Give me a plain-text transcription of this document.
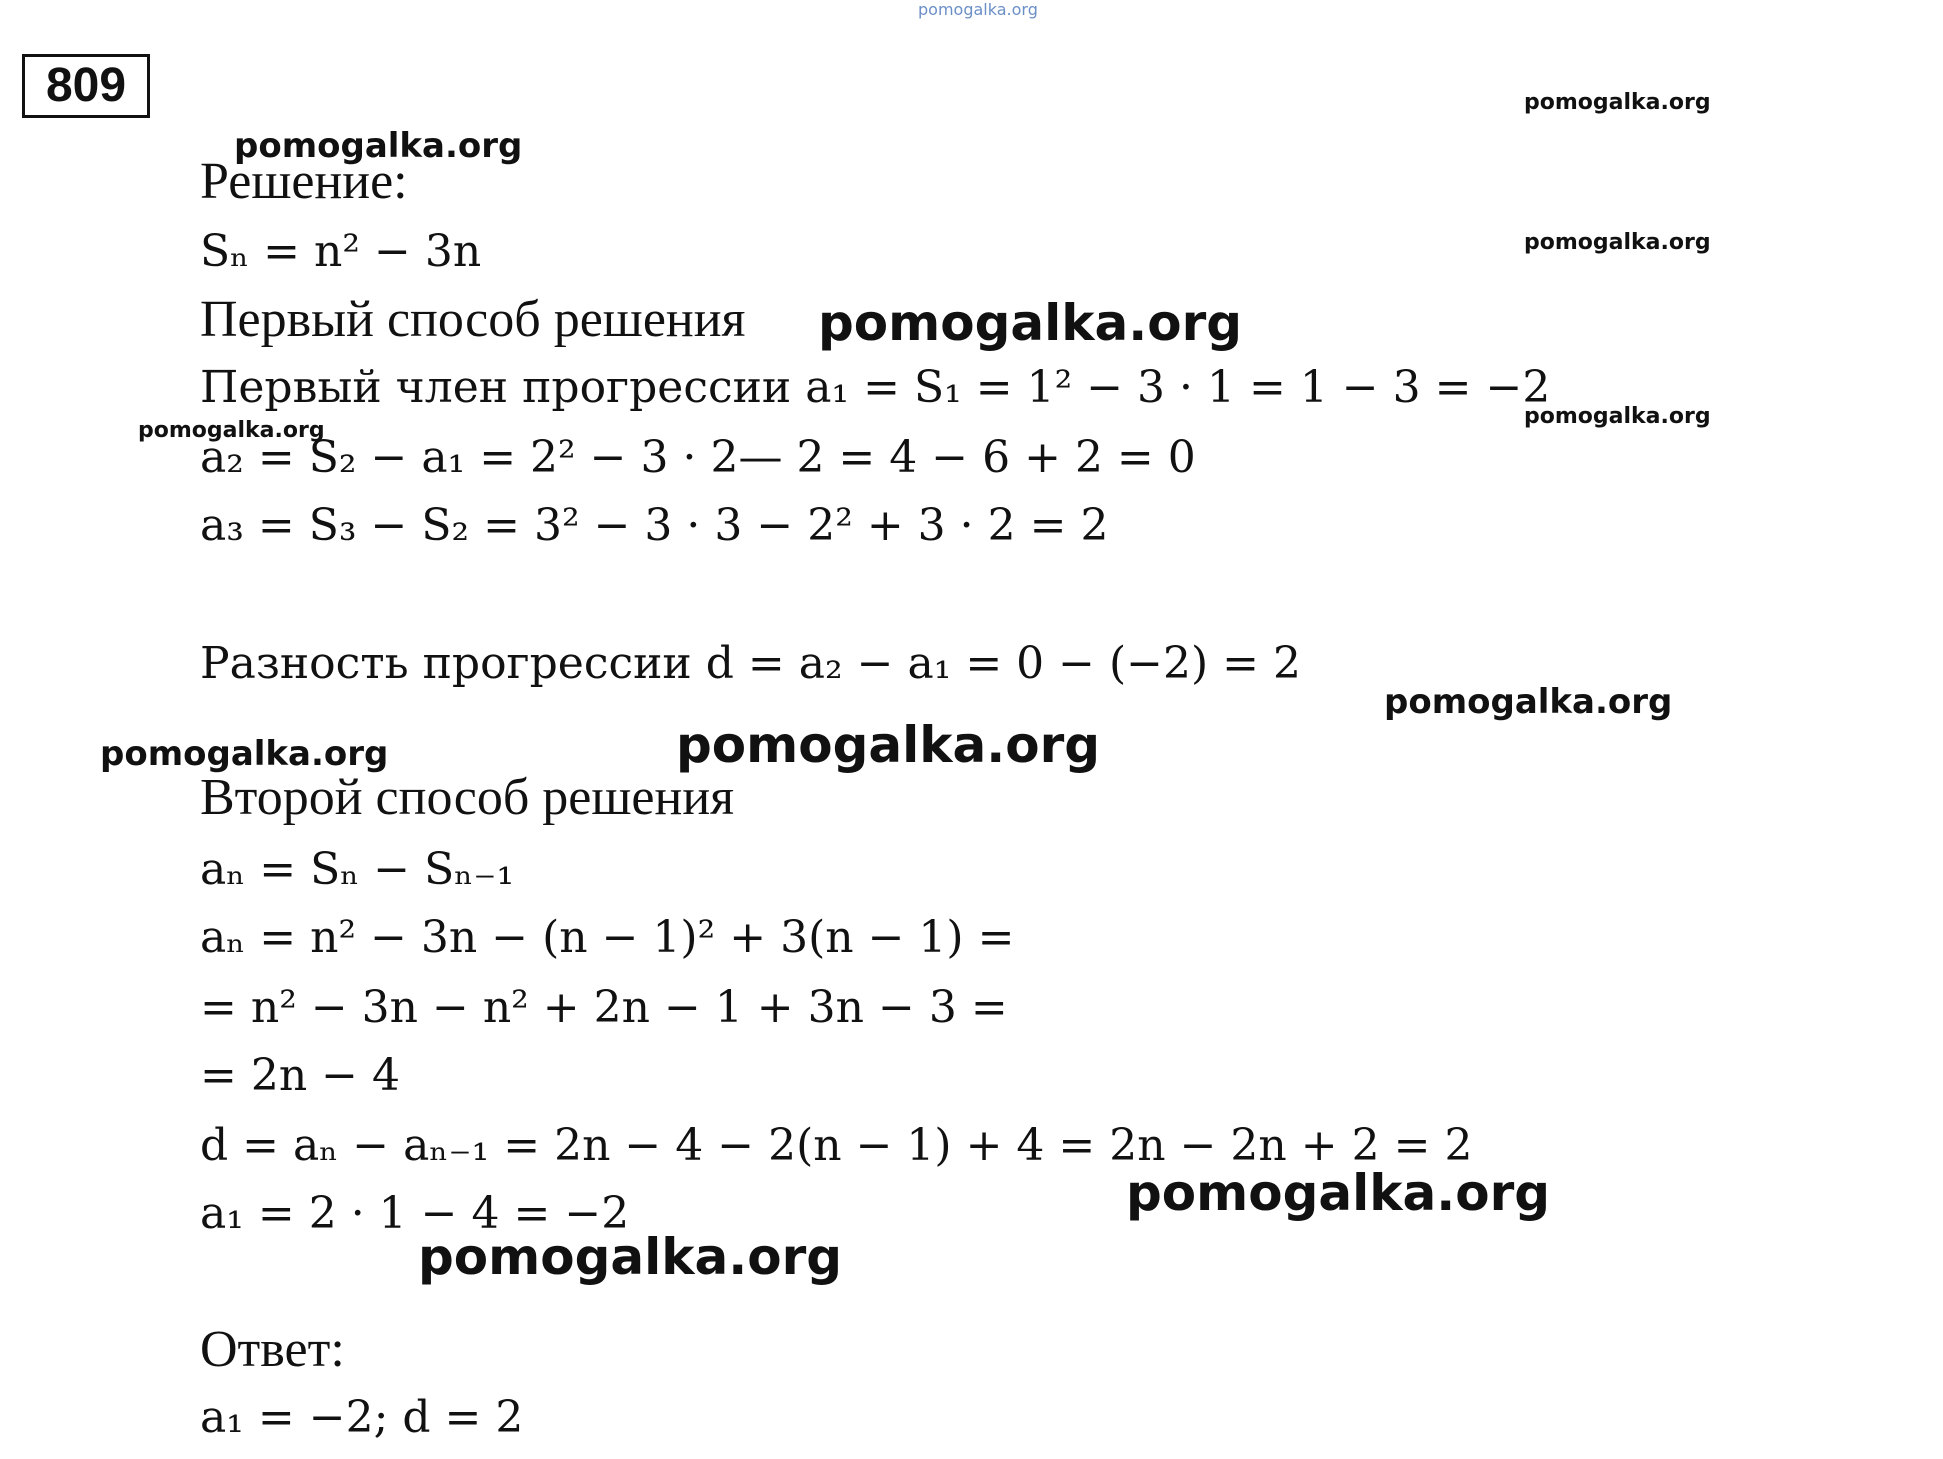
809
Решение:
Sₙ = n² − 3n
Первый способ решения
Первый член прогрессии a₁ = S₁ = 1² − 3 · 1 = 1 − 3 = −2
a₂ = S₂ − a₁ = 2² − 3 · 2— 2 = 4 − 6 + 2 = 0
a₃ = S₃ − S₂ = 3² − 3 · 3 − 2² + 3 · 2 = 2
Разность прогрессии d = a₂ − a₁ = 0 − (−2) = 2
Второй способ решения
aₙ = Sₙ − Sₙ₋₁
aₙ = n² − 3n − (n − 1)² + 3(n − 1) =
= n² − 3n − n² + 2n − 1 + 3n − 3 =
= 2n − 4
d = aₙ − aₙ₋₁ = 2n − 4 − 2(n − 1) + 4 = 2n − 2n + 2 = 2
a₁ = 2 · 1 − 4 = −2
Ответ:
a₁ = −2; d = 2
pomogalka.org
pomogalka.org
pomogalka.org
pomogalka.org
pomogalka.org
pomogalka.org
pomogalka.org
pomogalka.org
pomogalka.org
pomogalka.org
pomogalka.org
pomogalka.org
